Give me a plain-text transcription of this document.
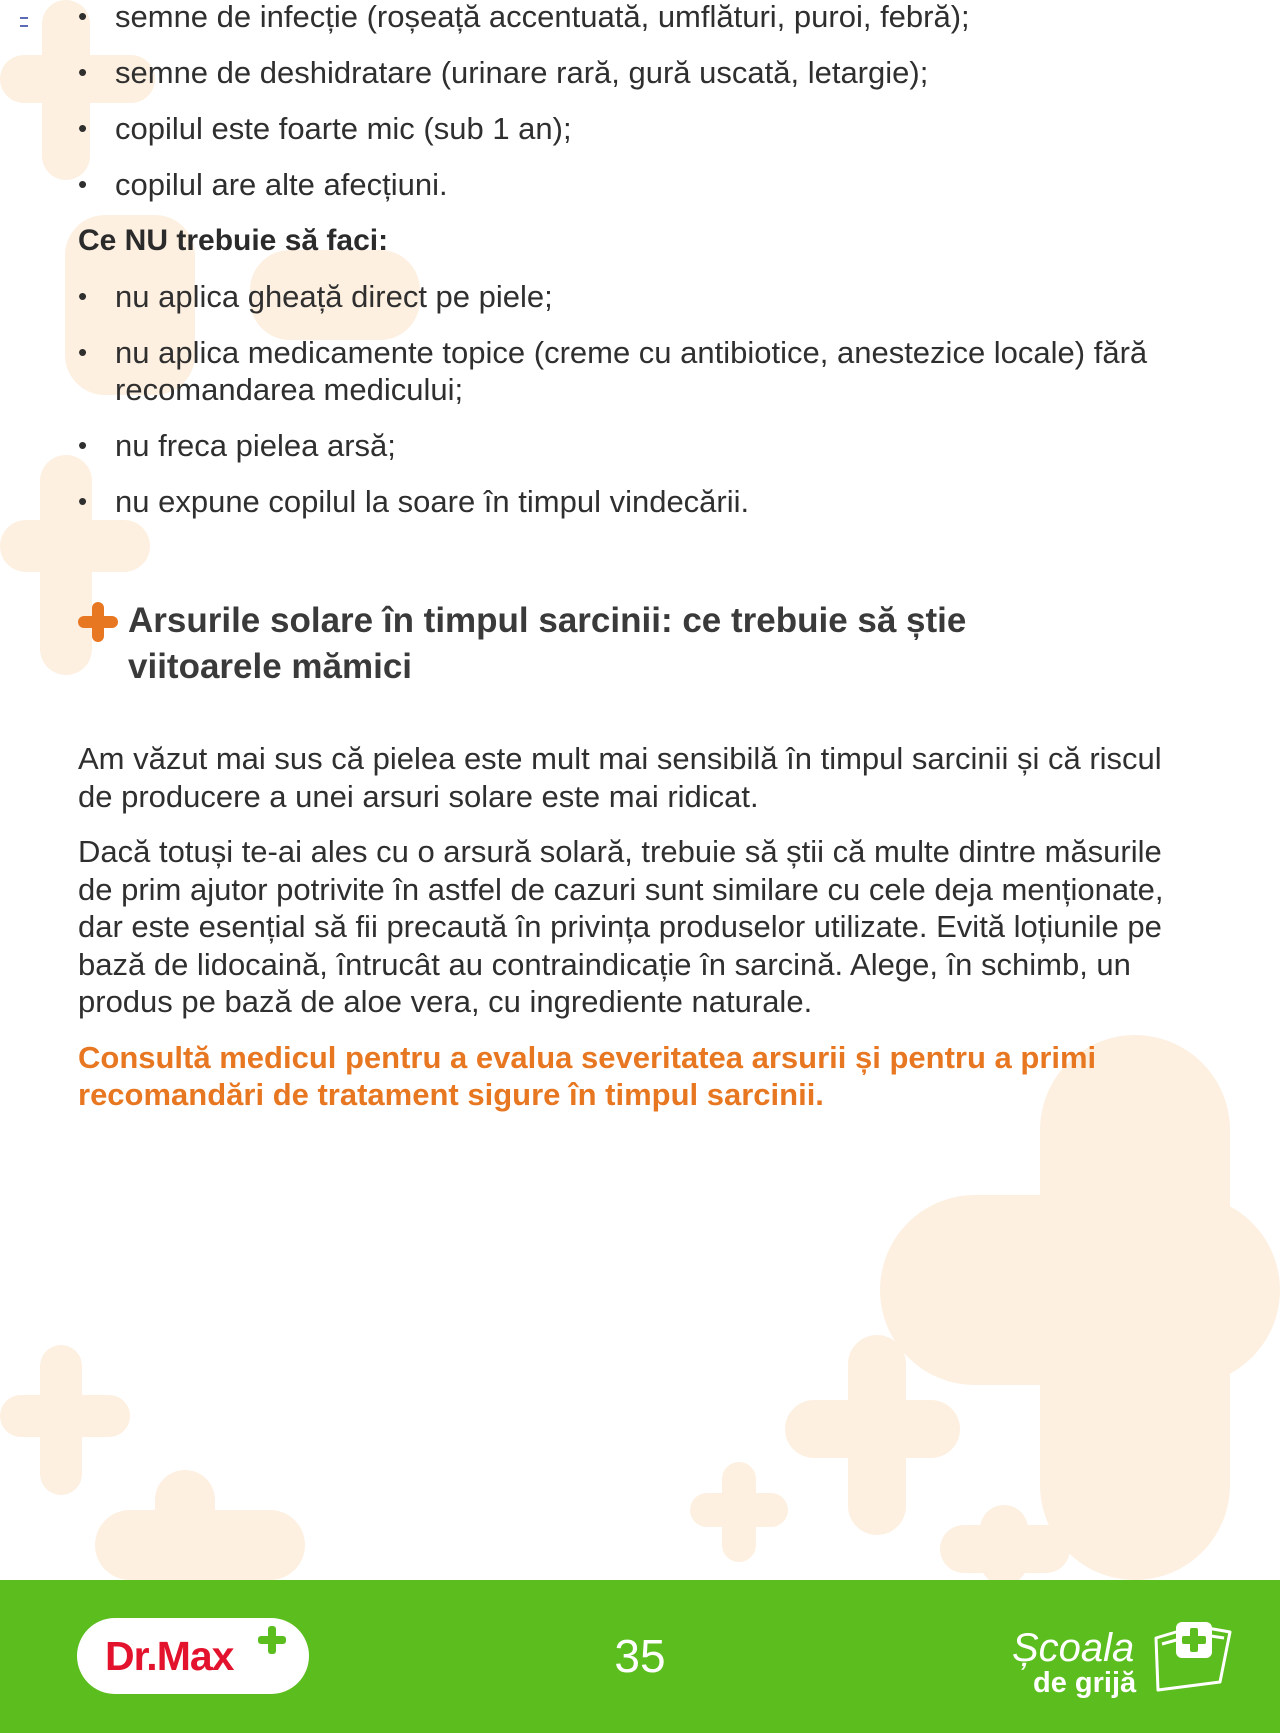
• semne de infecție (roșeață accentuată, umflături, puroi, febră);
• semne de deshidratare (urinare rară, gură uscată, letargie);
• copilul este foarte mic (sub 1 an);
• copilul are alte afecțiuni.

Ce NU trebuie să faci:

• nu aplica gheață direct pe piele;
• nu aplica medicamente topice (creme cu antibiotice, anestezice locale) fără recomandarea medicului;
• nu freca pielea arsă;
• nu expune copilul la soare în timpul vindecării.
Arsurile solare în timpul sarcinii: ce trebuie să știe viitoarele mămici

Am văzut mai sus că pielea este mult mai sensibilă în timpul sarcinii și că riscul de producere a unei arsuri solare este mai ridicat.

Dacă totuși te-ai ales cu o arsură solară, trebuie să știi că multe dintre măsurile de prim ajutor potrivite în astfel de cazuri sunt similare cu cele deja menționate, dar este esențial să fii precaută în privința produselor utilizate. Evită loțiunile pe bază de lidocaină, întrucât au contraindicație în sarcină. Alege, în schimb, un produs pe bază de aloe vera, cu ingrediente naturale.

Consultă medicul pentru a evalua severitatea arsurii și pentru a primi recomandări de tratament sigure în timpul sarcinii.

Dr.Max	35	Școala
de grijă
